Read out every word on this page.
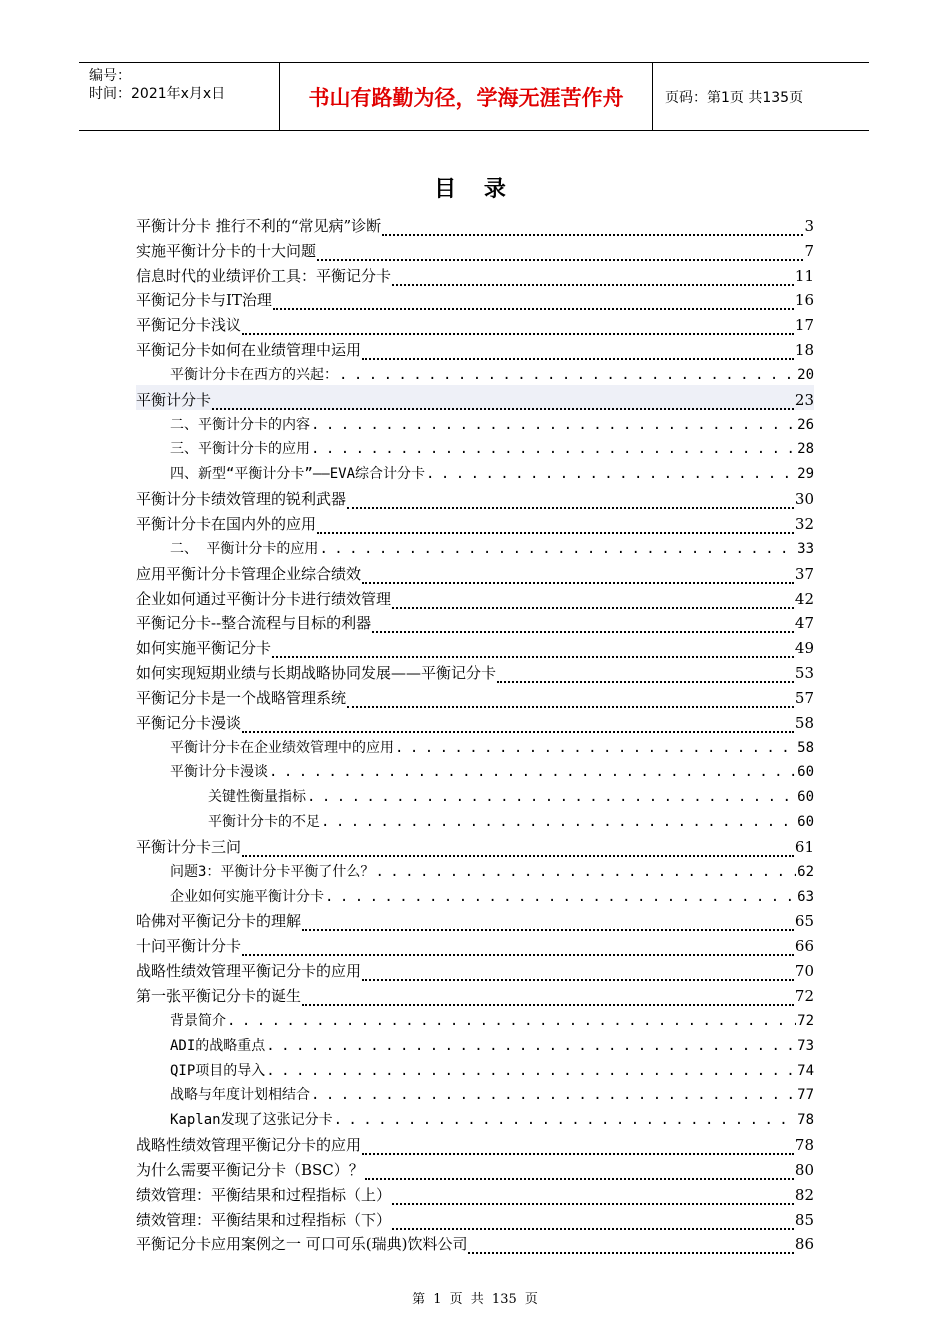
编号：
时间：2021年x月x日	书山有路勤为径，学海无涯苦作舟	页码：第1页 共135页
目 录
平衡计分卡 推行不利的“常见病”诊断	3
实施平衡计分卡的十大问题	7
信息时代的业绩评价工具：平衡记分卡	11
平衡记分卡与IT治理	16
平衡记分卡浅议	17
平衡记分卡如何在业绩管理中运用	18
平衡计分卡在西方的兴起： . . .	20
平衡计分卡	23
二、平衡计分卡的内容 . . .	26
三、平衡计分卡的应用 . . .	28
四、新型“平衡计分卡”——EVA综合计分卡 . . .	29
平衡计分卡绩效管理的锐利武器	30
平衡计分卡在国内外的应用	32
二、 平衡计分卡的应用 . . .	33
应用平衡计分卡管理企业综合绩效	37
企业如何通过平衡计分卡进行绩效管理	42
平衡记分卡--整合流程与目标的利器	47
如何实施平衡记分卡	49
如何实现短期业绩与长期战略协同发展——平衡记分卡	53
平衡记分卡是一个战略管理系统	57
平衡记分卡漫谈	58
平衡计分卡在企业绩效管理中的应用 . . .	58
平衡计分卡漫谈 . . .	60
关键性衡量指标 . . .	60
平衡计分卡的不足 . . .	60
平衡计分卡三问	61
问题3：平衡计分卡平衡了什么？ . . .	62
企业如何实施平衡计分卡 . . .	63
哈佛对平衡记分卡的理解	65
十问平衡计分卡	66
战略性绩效管理平衡记分卡的应用	70
第一张平衡记分卡的诞生	72
背景简介 . . .	72
ADI的战略重点 . . .	73
QIP项目的导入 . . .	74
战略与年度计划相结合 . . .	77
Kaplan发现了这张记分卡 . . .	78
战略性绩效管理平衡记分卡的应用	78
为什么需要平衡记分卡（BSC）？	80
绩效管理：平衡结果和过程指标（上）	82
绩效管理：平衡结果和过程指标（下）	85
平衡记分卡应用案例之一 可口可乐(瑞典)饮料公司	86
第 1 页 共 135 页
